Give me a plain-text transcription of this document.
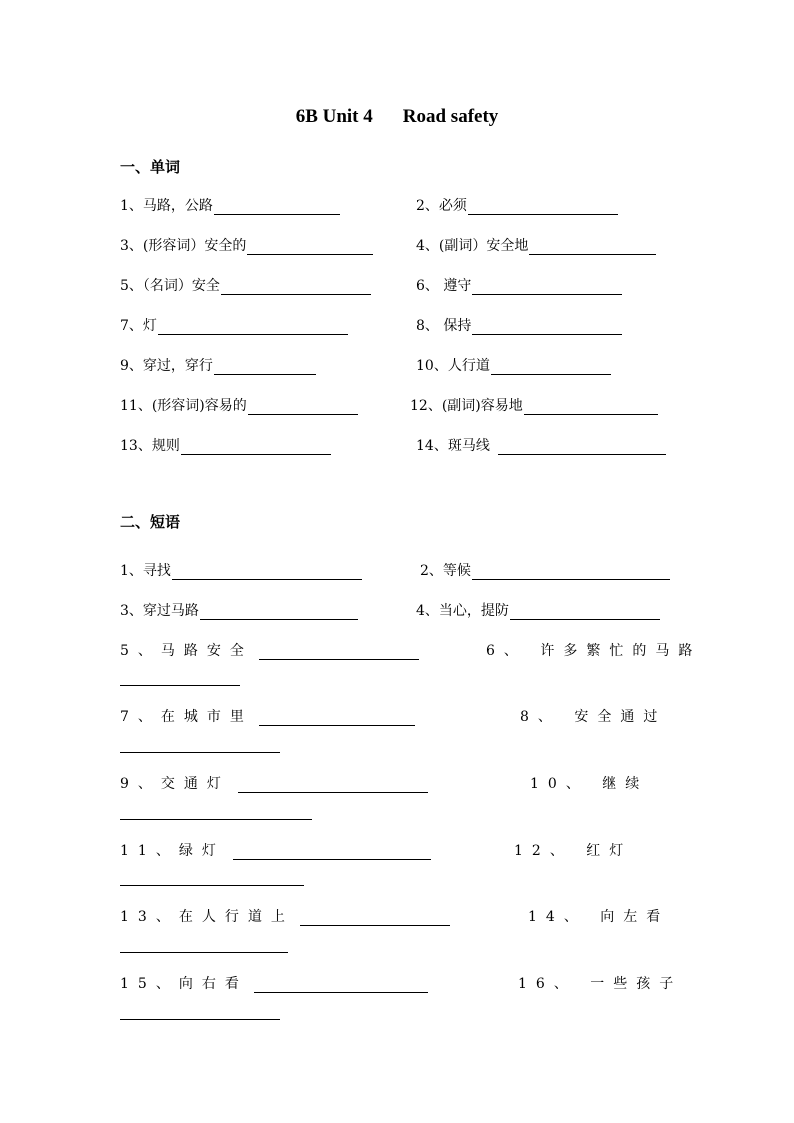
6B Unit 4 Road safety
一、单词
1、马路，公路	2、必须
3、(形容词）安全的	4、(副词）安全地
5、（名词）安全	6、 遵守
7、灯	8、 保持
9、穿过，穿行	10、人行道
11、(形容词)容易的	12、(副词)容易地
13、规则	14、斑马线
二、短语
1、寻找	2、等候
3、穿过马路	4、当心，提防
5、马路安全	6、 许多繁忙的马路
7、在城市里	8、 安全通过
9、交通灯	10、 继续
11、绿灯	12、 红灯
13、在人行道上	14、 向左看
15、向右看	16、 一些孩子
